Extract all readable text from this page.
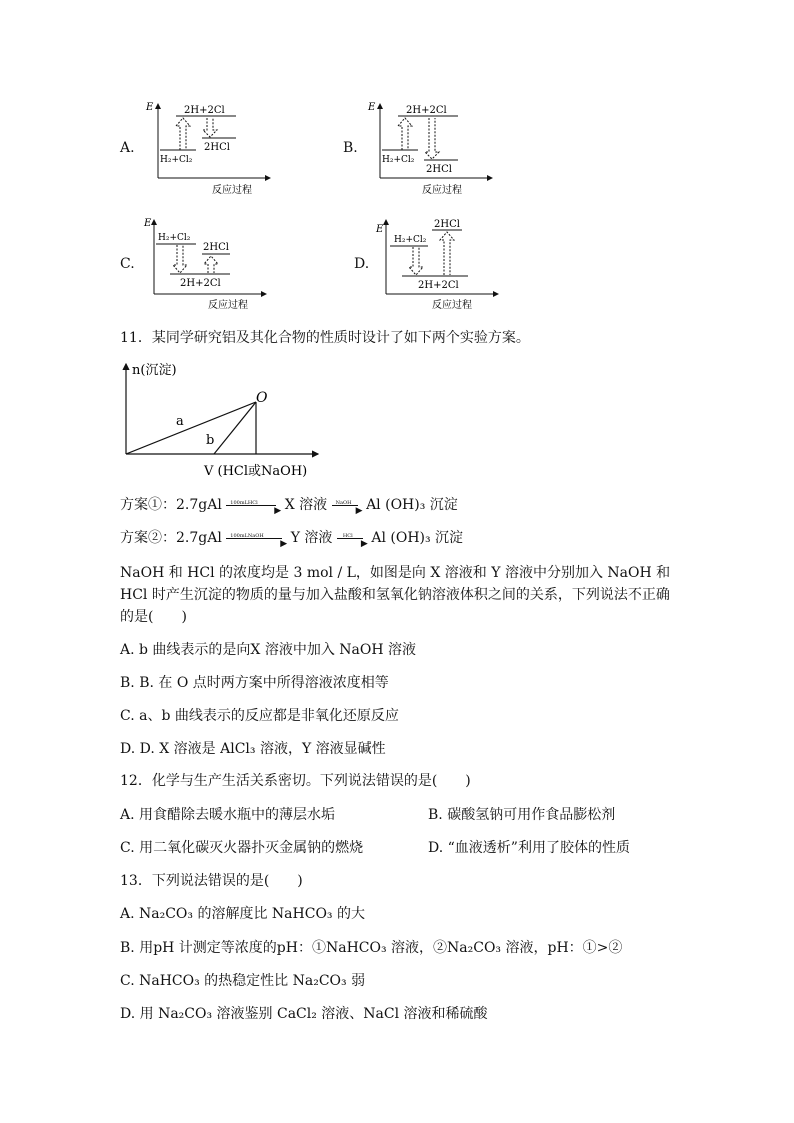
A.
E	2H+2Cl
H₂+Cl₂
2HCl
反应过程
B.
E	2H+2Cl
H₂+Cl₂
2HCl
反应过程
C.
E
H₂+Cl₂
2HCl
2H+2Cl
反应过程
D.
E	2HCl
H₂+Cl₂
2H+2Cl
反应过程
11．某同学研究铝及其化合物的性质时设计了如下两个实验方案。
n(沉淀)
O
a
b
V (HCl或NaOH)
方案①：2.7gAl 100mLHCl
▶ X 溶液 NaOH
▶ Al (OH)₃ 沉淀
方案②：2.7gAl 100mLNaOH
▶ Y 溶液 HCl
▶ Al (OH)₃ 沉淀
NaOH 和 HCl 的浓度均是 3 mol / L，如图是向 X 溶液和 Y 溶液中分别加入 NaOH 和 HCl 时产生沉淀的物质的量与加入盐酸和氢氧化钠溶液体积之间的关系，下列说法不正确的是(　　)
A. b 曲线表示的是向X 溶液中加入 NaOH 溶液
B. B. 在 O 点时两方案中所得溶液浓度相等
C. a、b 曲线表示的反应都是非氧化还原反应
D. D. X 溶液是 AlCl₃ 溶液，Y 溶液显碱性
12．化学与生产生活关系密切。下列说法错误的是(　　)
A. 用食醋除去暖水瓶中的薄层水垢	B. 碳酸氢钠可用作食品膨松剂
C. 用二氧化碳灭火器扑灭金属钠的燃烧	D. “血液透析”利用了胶体的性质
13．下列说法错误的是(　　)
A. Na₂CO₃ 的溶解度比 NaHCO₃ 的大
B. 用pH 计测定等浓度的pH：①NaHCO₃ 溶液，②Na₂CO₃ 溶液，pH：①>②
C. NaHCO₃ 的热稳定性比 Na₂CO₃ 弱
D. 用 Na₂CO₃ 溶液鉴别 CaCl₂ 溶液、NaCl 溶液和稀硫酸
